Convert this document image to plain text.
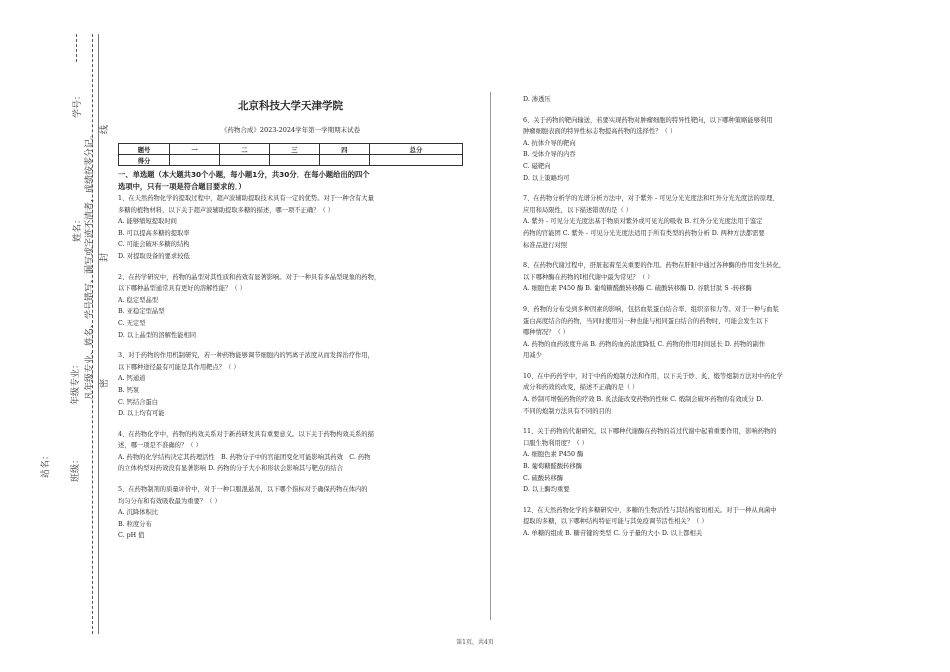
学号：
姓名： 凡年级专业、姓名、学号错写、漏写或字迹不清者，成绩按零分记。
线
封
密
年级专业：
班级：
站名：
北京科技大学天津学院
《药物合成》2023-2024学年第一学期期末试卷
题号	一	二	三	四	总分
得分					

一、单选题（本大题共30个小题，每小题1分，共30分．在每小题给出的四个

选项中，只有一项是符合题目要求的．）

1、在天然药物化学的提取过程中，超声波辅助提取技术具有一定的优势。对于一种含有大量

多糖的植物材料，以下关于超声波辅助提取多糖的描述，哪一项不正确？（ ）

A. 能够缩短提取时间

B. 可以提高多糖的提取率

C. 可能会破坏多糖的结构

D. 对提取设备的要求较低

2、在药学研究中，药物的晶型对其性质和药效有显著影响。对于一种具有多晶型现象的药物，

以下哪种晶型通常具有更好的溶解性能？（ ）

A. 稳定型晶型

B. 亚稳定型晶型

C. 无定型

D. 以上晶型的溶解性能相同

3、对于药物的作用机制研究，若一种药物能够调节细胞内的钙离子浓度从而发挥治疗作用，

以下哪种途径最有可能是其作用靶点？（ ）

A. 钙通道

B. 钙泵

C. 钙结合蛋白

D. 以上均有可能

4、在药物化学中，药物的构效关系对于新药研发具有重要意义。以下关于药物构效关系的描

述，哪一项是不准确的？（ ）

A. 药物的化学结构决定其药理活性　B. 药物分子中的官能团变化可能影响其药效　C. 药物

的立体构型对药效没有显著影响 D. 药物的分子大小和形状会影响其与靶点的结合

5、在药物制剂的质量评价中，对于一种口服混悬剂，以下哪个指标对于确保药物在体内的

均匀分布和有效吸收最为重要？（ ）

A. 沉降体积比

B. 粒度分布

C. pH 值

D. 渗透压

6、关于药物的靶向输送，若要实现药物对肿瘤细胞的特异性靶向，以下哪种策略能够利用

肿瘤细胞表面的特异性标志物提高药物的选择性？（ ）

A. 抗体介导的靶向

B. 受体介导的内吞

C. 磁靶向

D. 以上策略均可

7、在药物分析学的光谱分析方法中，对于紫外 - 可见分光光度法和红外分光光度法的原理、

应用和局限性，以下描述错误的是（ ）

A. 紫外 - 可见分光光度法基于物质对紫外或可见光的吸收 B. 红外分光光度法用于鉴定

药物的官能团 C. 紫外 - 可见分光光度法适用于所有类型的药物分析 D. 两种方法都需要

标准品进行对照

8、在药物代谢过程中，肝脏起着至关重要的作用。药物在肝脏中通过各种酶的作用发生转化，

以下哪种酶在药物的Ⅰ相代谢中最为常见？（ ）

A. 细胞色素 P450 酶 B. 葡萄糖醛酸转移酶 C. 硫酸转移酶 D. 谷胱甘肽 S -转移酶

9、药物的分布受到多种因素的影响，包括血浆蛋白结合率、组织亲和力等。对于一种与血浆

蛋白高度结合的药物，当同时使用另一种也能与相同蛋白结合的药物时，可能会发生以下

哪种情况？（ ）

A. 药物的血药浓度升高 B. 药物的血药浓度降低 C. 药物的作用时间延长 D. 药物的副作

用减少

10、在中药药学中，对于中药的炮制方法和作用，以下关于炒、炙、煅等炮制方法对中药化学

成分和药效的改变，描述不正确的是（ ）

A. 炒制可增强药物的疗效 B. 炙法能改变药物的性味 C. 煅制会破坏药物的有效成分 D.

不同的炮制方法具有不同的目的

11、关于药物的代谢研究，以下哪种代谢酶在药物的首过代谢中起着重要作用，影响药物的

口服生物利用度？（ ）

A. 细胞色素 P450 酶

B. 葡萄糖醛酸转移酶

C. 硫酸转移酶

D. 以上酶均重要

12、在天然药物化学的多糖研究中，多糖的生物活性与其结构密切相关。对于一种从真菌中

提取的多糖，以下哪种结构特征可能与其免疫调节活性相关？（ ）

A. 单糖的组成 B. 糖苷键的类型 C. 分子量的大小 D. 以上都相关

第1页，共4页
